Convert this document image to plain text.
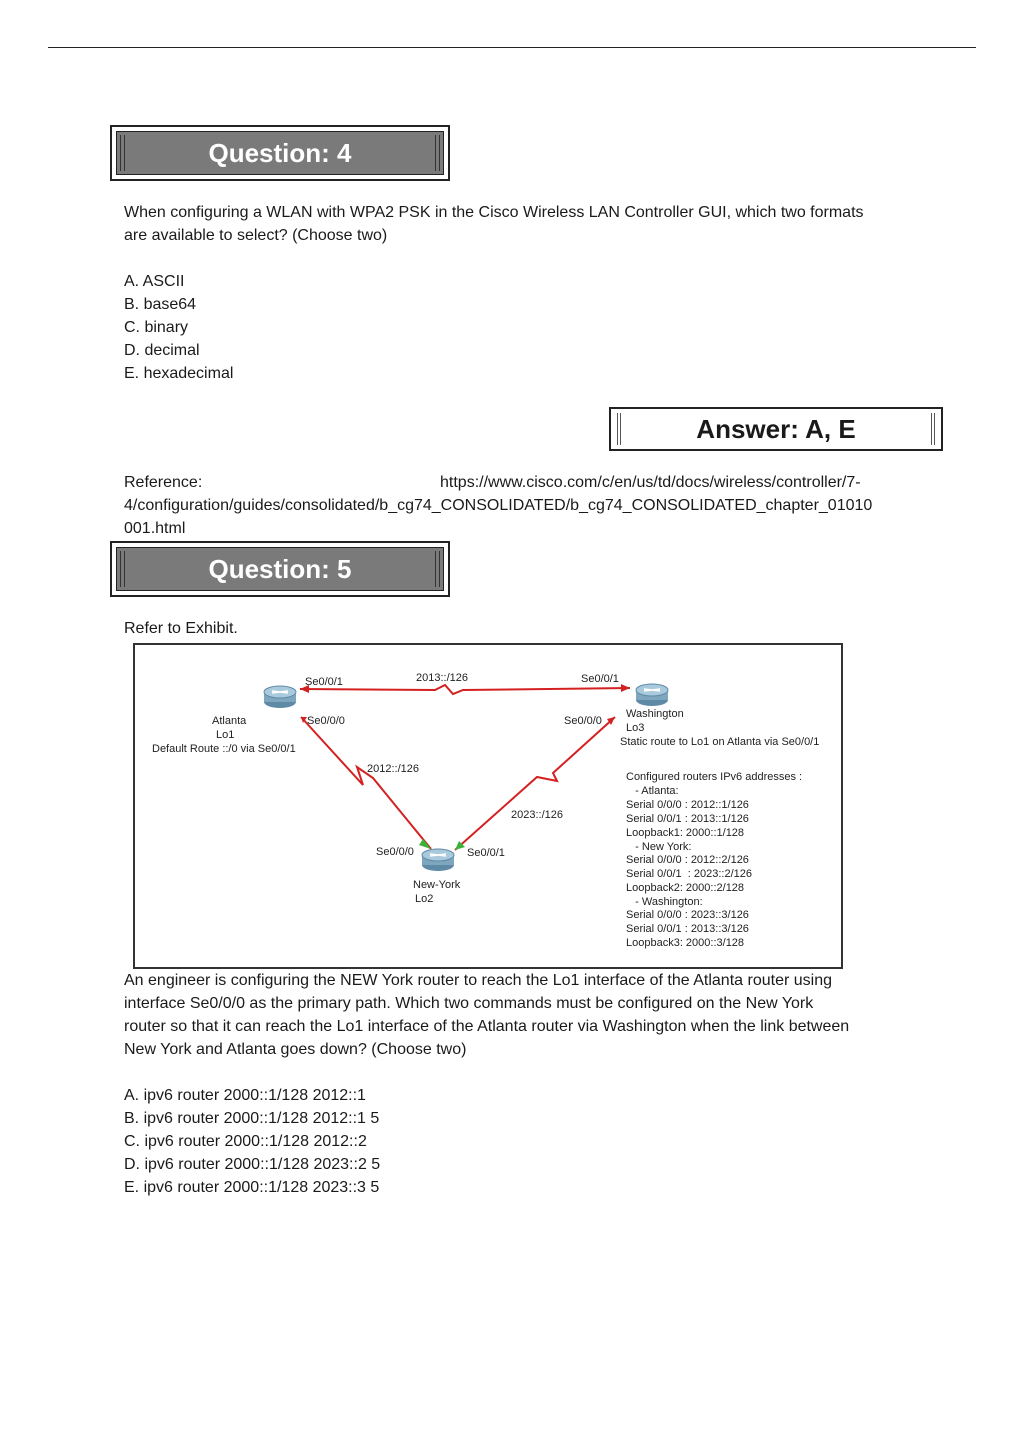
Question: 4
When configuring a WLAN with WPA2 PSK in the Cisco Wireless LAN Controller GUI, which two formats
are available to select? (Choose two)
A. ASCII
B. base64
C. binary
D. decimal
E. hexadecimal
Answer: A, E
Reference:	https://www.cisco.com/c/en/us/td/docs/wireless/controller/7-
4/configuration/guides/consolidated/b_cg74_CONSOLIDATED/b_cg74_CONSOLIDATED_chapter_01010
001.html
Question: 5
Refer to Exhibit.
2013::/126
2012::/126
2023::/126
Se0/0/1
Se0/0/0
Atlanta
Lo1
Default Route ::/0 via Se0/0/1
Se0/0/1
Se0/0/0
Washington
Lo3
Static route to Lo1 on Atlanta via Se0/0/1
Se0/0/0	Se0/0/1
New-York
Lo2
Configured routers IPv6 addresses :
- Atlanta:
Serial 0/0/0 : 2012::1/126
Serial 0/0/1 : 2013::1/126
Loopback1: 2000::1/128
- New York:
Serial 0/0/0 : 2012::2/126
Serial 0/0/1  : 2023::2/126
Loopback2: 2000::2/128
- Washington:
Serial 0/0/0 : 2023::3/126
Serial 0/0/1 : 2013::3/126
Loopback3: 2000::3/128
An engineer is configuring the NEW York router to reach the Lo1 interface of the Atlanta router using
interface Se0/0/0 as the primary path. Which two commands must be configured on the New York
router so that it can reach the Lo1 interface of the Atlanta router via Washington when the link between
New York and Atlanta goes down? (Choose two)
A. ipv6 router 2000::1/128 2012::1
B. ipv6 router 2000::1/128 2012::1 5
C. ipv6 router 2000::1/128 2012::2
D. ipv6 router 2000::1/128 2023::2 5
E. ipv6 router 2000::1/128 2023::3 5
